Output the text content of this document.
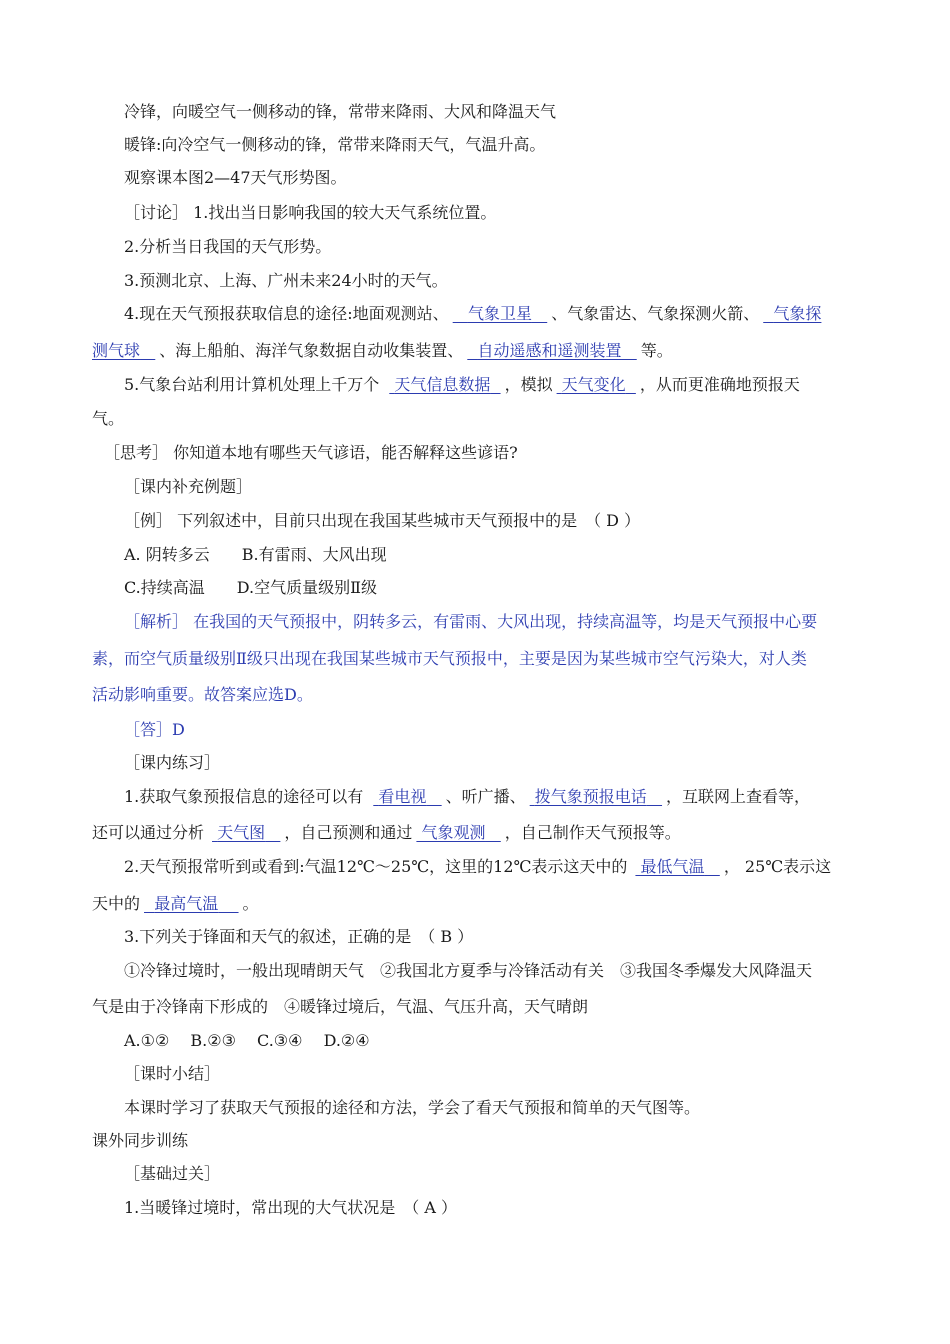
冷锋，向暖空气一侧移动的锋，常带来降雨、大风和降温天气
暖锋:向冷空气一侧移动的锋，常带来降雨天气，气温升高。
观察课本图2—47天气形势图。
［讨论］ 1.找出当日影响我国的较大天气系统位置。
2.分析当日我国的天气形势。
3.预测北京、上海、广州未来24小时的天气。
4.现在天气预报获取信息的途径:地面观测站、 气象卫星 、气象雷达、气象探测火箭、 气象探
测气球 、海上船舶、海洋气象数据自动收集装置、 自动遥感和遥测装置 等。
5.气象台站利用计算机处理上千万个 天气信息数据 ，模拟 天气变化 ，从而更准确地预报天
气。
［思考］ 你知道本地有哪些天气谚语，能否解释这些谚语?
［课内补充例题］
［例］ 下列叙述中，目前只出现在我国某些城市天气预报中的是　（ D ）
A. 阴转多云　　B.有雷雨、大风出现
C.持续高温　　D.空气质量级别Ⅱ级
［解析］ 在我国的天气预报中，阴转多云，有雷雨、大风出现，持续高温等，均是天气预报中心要
素，而空气质量级别Ⅱ级只出现在我国某些城市天气预报中，主要是因为某些城市空气污染大，对人类
活动影响重要。故答案应选D。
［答］D
［课内练习］
1.获取气象预报信息的途径可以有 看电视 、听广播、 拨气象预报电话 ，互联网上查看等，
还可以通过分析 天气图 ，自己预测和通过 气象观测 ，自己制作天气预报等。
2.天气预报常听到或看到:气温12℃～25℃，这里的12℃表示这天中的 最低气温 ， 25℃表示这
天中的 最高气温 。
3.下列关于锋面和天气的叙述，正确的是　（ B ）
①冷锋过境时，一般出现晴朗天气　②我国北方夏季与冷锋活动有关　③我国冬季爆发大风降温天
气是由于冷锋南下形成的　④暖锋过境后，气温、气压升高，天气晴朗
A.①②　 B.②③　 C.③④　 D.②④
［课时小结］
本课时学习了获取天气预报的途径和方法，学会了看天气预报和简单的天气图等。
课外同步训练
［基础过关］
1.当暖锋过境时，常出现的大气状况是　（ A ）
